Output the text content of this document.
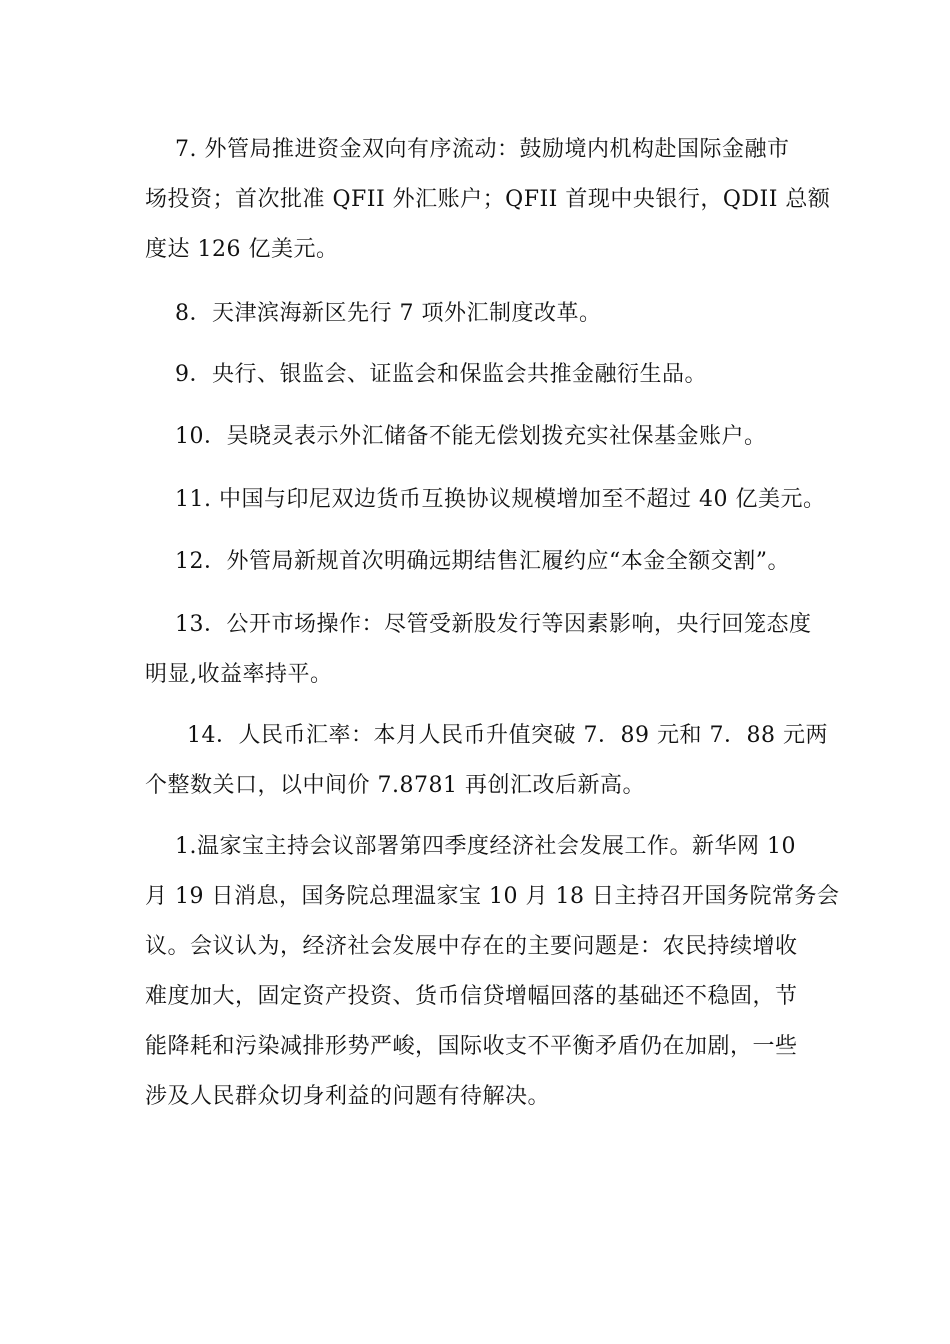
7. 外管局推进资金双向有序流动：鼓励境内机构赴国际金融市
场投资；首次批准 QFII 外汇账户；QFII 首现中央银行，QDII 总额
度达 126 亿美元。
8．天津滨海新区先行 7 项外汇制度改革。
9．央行、银监会、证监会和保监会共推金融衍生品。
10．吴晓灵表示外汇储备不能无偿划拨充实社保基金账户。
11. 中国与印尼双边货币互换协议规模增加至不超过 40 亿美元。
12．外管局新规首次明确远期结售汇履约应“本金全额交割”。
13．公开市场操作：尽管受新股发行等因素影响，央行回笼态度
明显,收益率持平。
14．人民币汇率：本月人民币升值突破 7．89 元和 7．88 元两
个整数关口，以中间价 7.8781 再创汇改后新高。
1.温家宝主持会议部署第四季度经济社会发展工作。新华网 10
月 19 日消息，国务院总理温家宝 10 月 18 日主持召开国务院常务会
议。会议认为，经济社会发展中存在的主要问题是：农民持续增收
难度加大，固定资产投资、货币信贷增幅回落的基础还不稳固，节
能降耗和污染减排形势严峻，国际收支不平衡矛盾仍在加剧，一些
涉及人民群众切身利益的问题有待解决。
